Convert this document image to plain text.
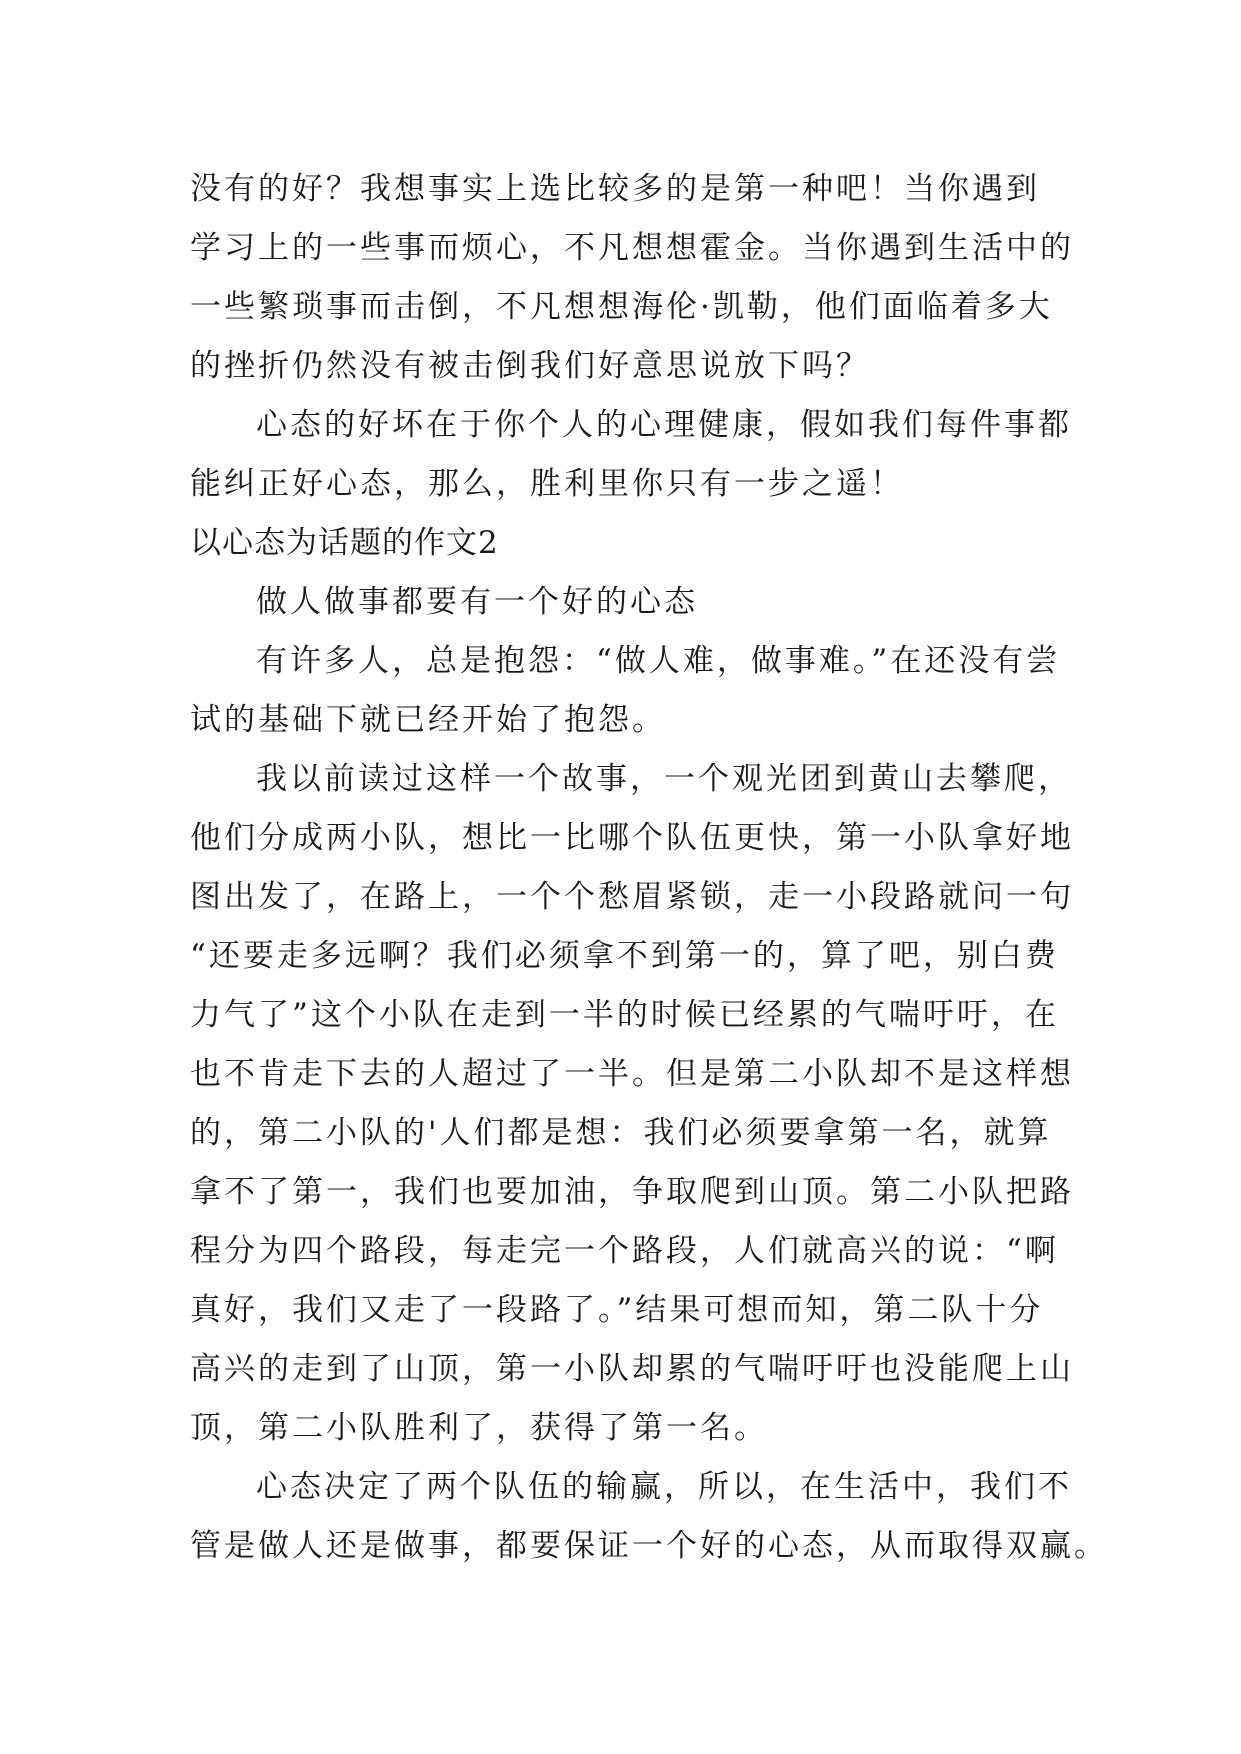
没有的好？我想事实上选比较多的是第一种吧！当你遇到
学习上的一些事而烦心，不凡想想霍金。当你遇到生活中的
一些繁琐事而击倒，不凡想想海伦·凯勒，他们面临着多大
的挫折仍然没有被击倒我们好意思说放下吗？
心态的好坏在于你个人的心理健康，假如我们每件事都
能纠正好心态，那么，胜利里你只有一步之遥！
以心态为话题的作文2
做人做事都要有一个好的心态
有许多人，总是抱怨：“做人难，做事难。”在还没有尝
试的基础下就已经开始了抱怨。
我以前读过这样一个故事，一个观光团到黄山去攀爬，
他们分成两小队，想比一比哪个队伍更快，第一小队拿好地
图出发了，在路上，一个个愁眉紧锁，走一小段路就问一句
“还要走多远啊？我们必须拿不到第一的，算了吧，别白费
力气了”这个小队在走到一半的时候已经累的气喘吁吁，在
也不肯走下去的人超过了一半。但是第二小队却不是这样想
的，第二小队的'人们都是想：我们必须要拿第一名，就算
拿不了第一，我们也要加油，争取爬到山顶。第二小队把路
程分为四个路段，每走完一个路段，人们就高兴的说：“啊
真好，我们又走了一段路了。”结果可想而知，第二队十分
高兴的走到了山顶，第一小队却累的气喘吁吁也没能爬上山
顶，第二小队胜利了，获得了第一名。
心态决定了两个队伍的输赢，所以，在生活中，我们不
管是做人还是做事，都要保证一个好的心态，从而取得双赢。
